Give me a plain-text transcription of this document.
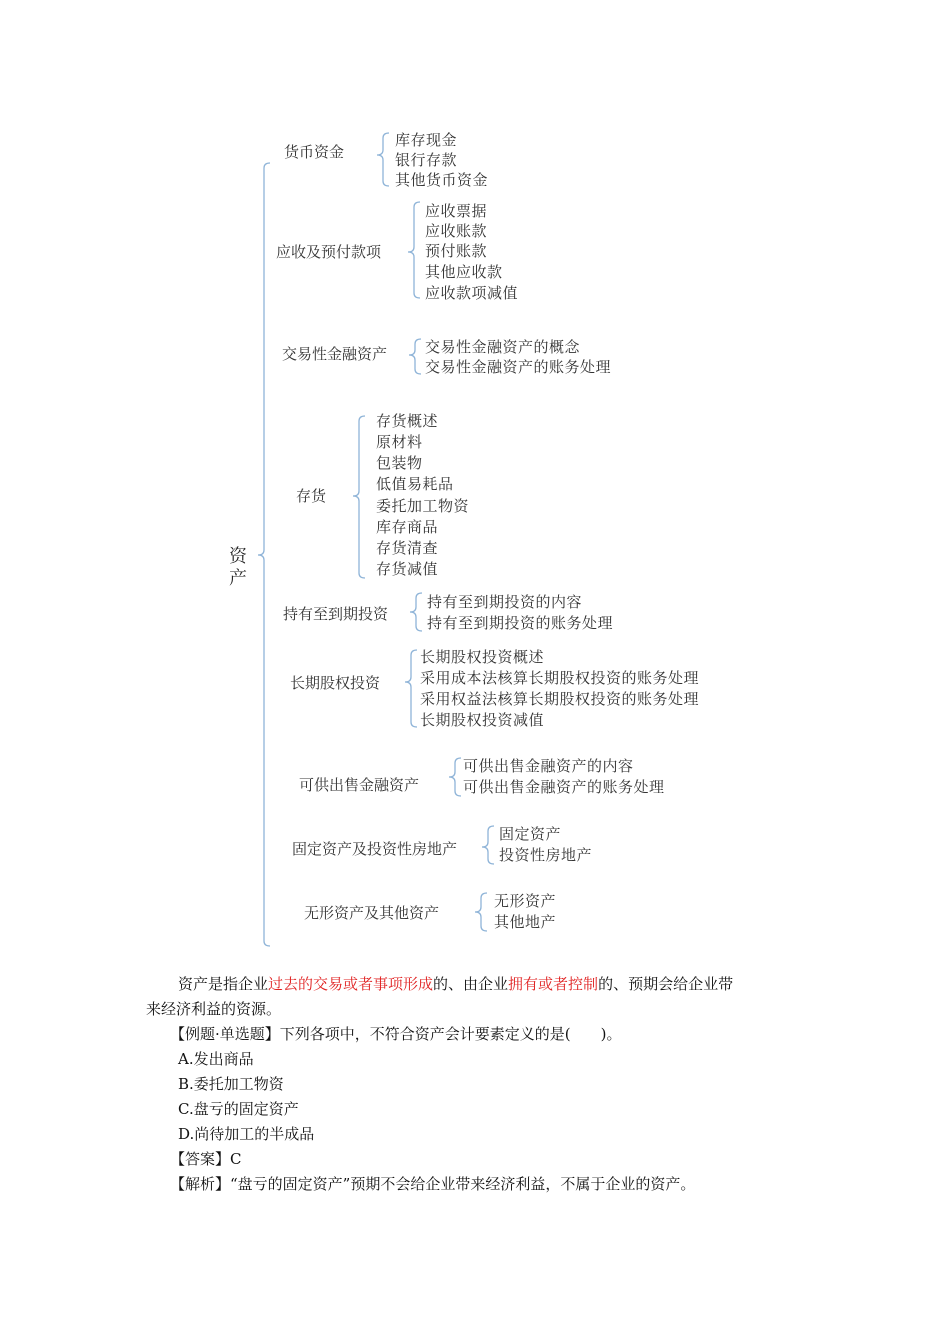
资产
货币资金
库存现金
银行存款
其他货币资金
应收及预付款项
应收票据
应收账款
预付账款
其他应收款
应收款项减值
交易性金融资产	交易性金融资产的概念
交易性金融资产的账务处理
存货
存货概述
原材料
包装物
低值易耗品
委托加工物资
库存商品
存货清查
存货减值
持有至到期投资
持有至到期投资的内容
持有至到期投资的账务处理
长期股权投资
长期股权投资概述
采用成本法核算长期股权投资的账务处理
采用权益法核算长期股权投资的账务处理
长期股权投资减值
可供出售金融资产
可供出售金融资产的内容
可供出售金融资产的账务处理
固定资产及投资性房地产
固定资产
投资性房地产
无形资产及其他资产
无形资产
其他地产
资产是指企业过去的交易或者事项形成的、由企业拥有或者控制的、预期会给企业带
来经济利益的资源。
【例题·单选题】下列各项中，不符合资产会计要素定义的是(　　)。
A.发出商品
B.委托加工物资
C.盘亏的固定资产
D.尚待加工的半成品
【答案】C
【解析】“盘亏的固定资产”预期不会给企业带来经济利益，不属于企业的资产。
